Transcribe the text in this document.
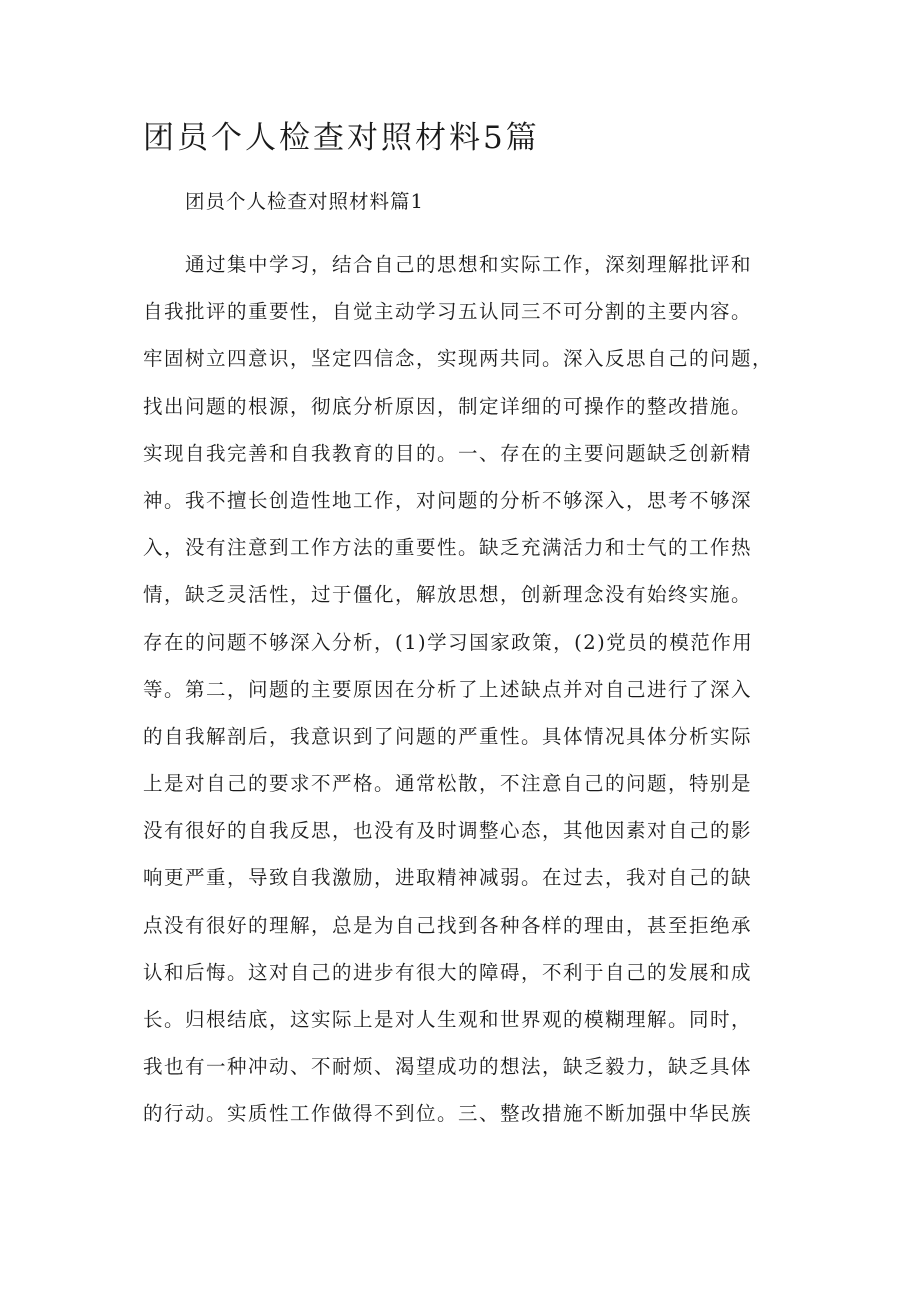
团员个人检查对照材料5篇
团员个人检查对照材料篇1
通过集中学习，结合自己的思想和实际工作，深刻理解批评和
自我批评的重要性，自觉主动学习五认同三不可分割的主要内容。
牢固树立四意识，坚定四信念，实现两共同。深入反思自己的问题，
找出问题的根源，彻底分析原因，制定详细的可操作的整改措施。
实现自我完善和自我教育的目的。一、存在的主要问题缺乏创新精
神。我不擅长创造性地工作，对问题的分析不够深入，思考不够深
入，没有注意到工作方法的重要性。缺乏充满活力和士气的工作热
情，缺乏灵活性，过于僵化，解放思想，创新理念没有始终实施。
存在的问题不够深入分析，(1)学习国家政策，(2)党员的模范作用
等。第二，问题的主要原因在分析了上述缺点并对自己进行了深入
的自我解剖后，我意识到了问题的严重性。具体情况具体分析实际
上是对自己的要求不严格。通常松散，不注意自己的问题，特别是
没有很好的自我反思，也没有及时调整心态，其他因素对自己的影
响更严重，导致自我激励，进取精神减弱。在过去，我对自己的缺
点没有很好的理解，总是为自己找到各种各样的理由，甚至拒绝承
认和后悔。这对自己的进步有很大的障碍，不利于自己的发展和成
长。归根结底，这实际上是对人生观和世界观的模糊理解。同时，
我也有一种冲动、不耐烦、渴望成功的想法，缺乏毅力，缺乏具体
的行动。实质性工作做得不到位。三、整改措施不断加强中华民族
